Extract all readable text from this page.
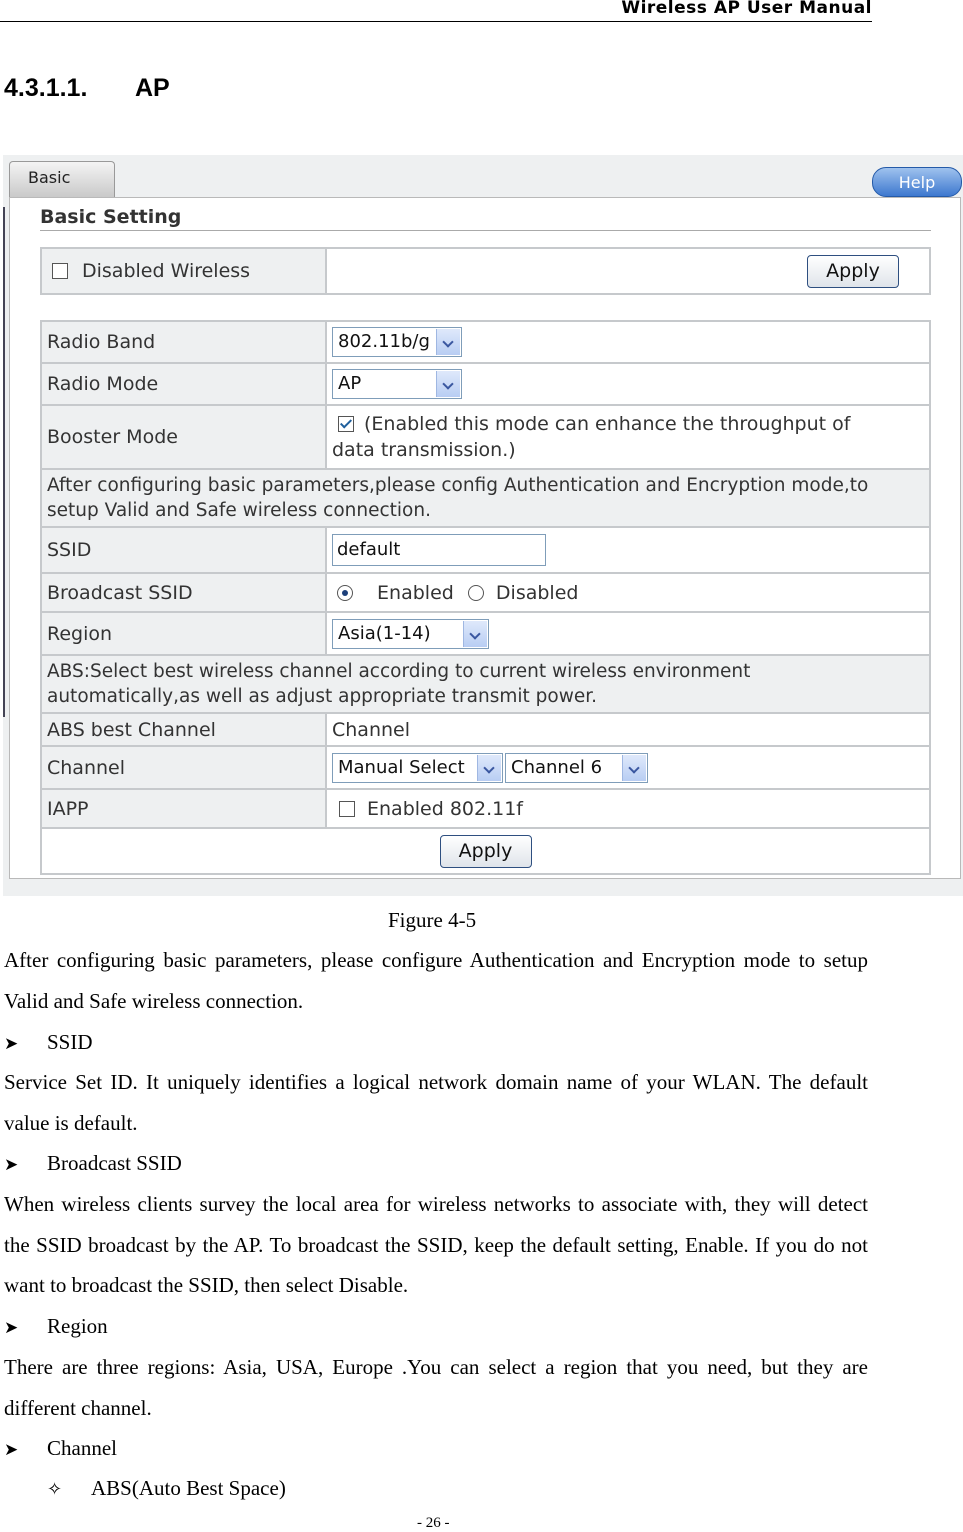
Wireless AP User Manual
4.3.1.1. AP
Basic	Help
Basic Setting
Disabled Wireless	Apply
Radio Band	802.11b/g

Radio Mode	AP

Booster Mode	(Enabled this mode can enhance the throughput of
data transmission.)
After configuring basic parameters,please config Authentication and Encryption mode,to
setup Valid and Safe wireless connection.	
SSID	default
Broadcast SSID	Enabled Disabled
Region	Asia(1-14)

ABS:Select best wireless channel according to current wireless environment
automatically,as well as adjust appropriate transmit power.	
ABS best Channel	Channel
Channel	Manual Select Channel 6

IAPP	Enabled 802.11f
Apply	
Figure 4-5
After configuring basic parameters, please configure Authentication and Encryption mode to setup Valid and Safe wireless connection.
➤ SSID
Service Set ID. It uniquely identifies a logical network domain name of your WLAN. The default value is default.
➤ Broadcast SSID
When wireless clients survey the local area for wireless networks to associate with, they will detect the SSID broadcast by the AP. To broadcast the SSID, keep the default setting, Enable. If you do not want to broadcast the SSID, then select Disable.
➤ Region
There are three regions: Asia, USA, Europe .You can select a region that you need, but they are different channel.
➤ Channel
✧ ABS(Auto Best Space)
- 26 -
